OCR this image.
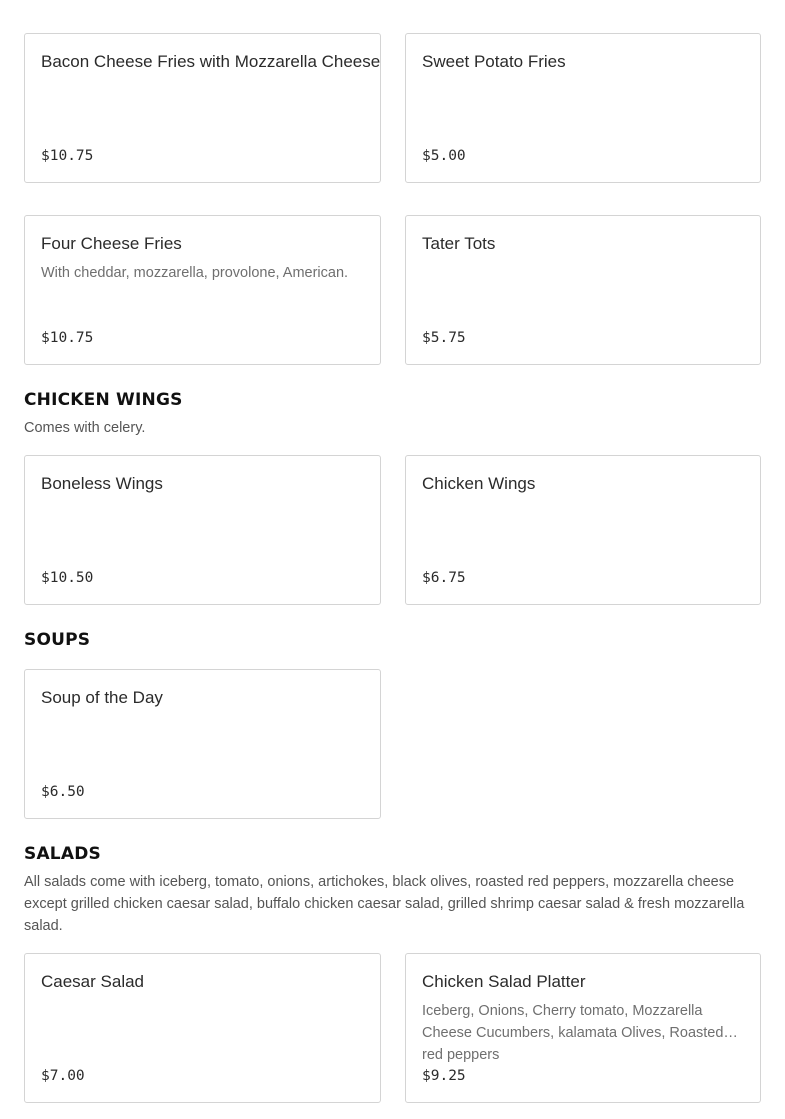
Bacon Cheese Fries with Mozzarella Cheese
$10.75
Sweet Potato Fries
$5.00
Four Cheese Fries
With cheddar, mozzarella, provolone, American.
$10.75
Tater Tots
$5.75
CHICKEN WINGS
Comes with celery.
Boneless Wings
$10.50
Chicken Wings
$6.75
SOUPS
Soup of the Day
$6.50
SALADS
All salads come with iceberg, tomato, onions, artichokes, black olives, roasted red peppers, mozzarella cheese except grilled chicken caesar salad, buffalo chicken caesar salad, grilled shrimp caesar salad & fresh mozzarella salad.
Caesar Salad
$7.00
Chicken Salad Platter
Iceberg, Onions, Cherry tomato, Mozzarella Cheese Cucumbers, kalamata Olives, Roasted red peppers
$9.25
